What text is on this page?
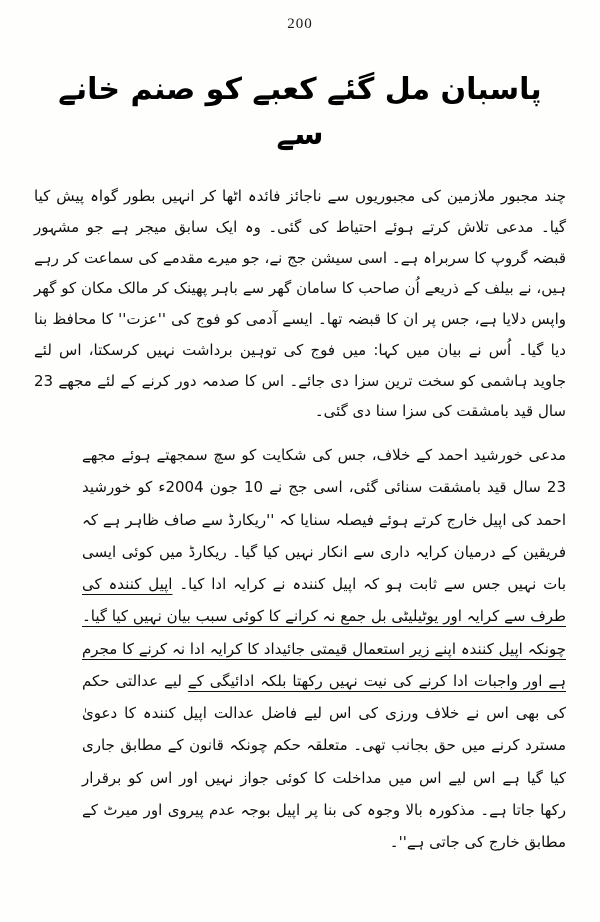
200
پاسبان مل گئے کعبے کو صنم خانے سے

چند مجبور ملازمین کی مجبوریوں سے ناجائز فائدہ اٹھا کر انہیں بطور گواہ پیش کیا گیا۔ مدعی تلاش کرتے ہوئے احتیاط کی گئی۔ وہ ایک سابق میجر ہے جو مشہور قبضہ گروپ کا سربراہ ہے۔ اسی سیشن جج نے، جو میرے مقدمے کی سماعت کر رہے ہیں، نے بیلف کے ذریعے اُن صاحب کا سامان گھر سے باہر پھینک کر مالک مکان کو گھر واپس دلایا ہے، جس پر ان کا قبضہ تھا۔ ایسے آدمی کو فوج کی ''عزت'' کا محافظ بنا دیا گیا۔ اُس نے بیان میں کہا: میں فوج کی توہین برداشت نہیں کرسکتا، اس لئے جاوید ہاشمی کو سخت ترین سزا دی جائے۔ اس کا صدمہ دور کرنے کے لئے مجھے 23 سال قید بامشقت کی سزا سنا دی گئی۔

مدعی خورشید احمد کے خلاف، جس کی شکایت کو سچ سمجھتے ہوئے مجھے 23 سال قید بامشقت سنائی گئی، اسی جج نے 10 جون 2004ء کو خورشید احمد کی اپیل خارج کرتے ہوئے فیصلہ سنایا کہ ''ریکارڈ سے صاف ظاہر ہے کہ فریقین کے درمیان کرایہ داری سے انکار نہیں کیا گیا۔ ریکارڈ میں کوئی ایسی بات نہیں جس سے ثابت ہو کہ اپیل کنندہ نے کرایہ ادا کیا۔ اپیل کنندہ کی طرف سے کرایہ اور یوٹیلیٹی بل جمع نہ کرانے کا کوئی سبب بیان نہیں کیا گیا۔ چونکہ اپیل کنندہ اپنے زیر استعمال قیمتی جائیداد کا کرایہ ادا نہ کرنے کا مجرم ہے اور واجبات ادا کرنے کی نیت نہیں رکھتا بلکہ ادائیگی کے لیے عدالتی حکم کی بھی اس نے خلاف ورزی کی اس لیے فاضل عدالت اپیل کنندہ کا دعویٰ مسترد کرنے میں حق بجانب تھی۔ متعلقہ حکم چونکہ قانون کے مطابق جاری کیا گیا ہے اس لیے اس میں مداخلت کا کوئی جواز نہیں اور اس کو برقرار رکھا جاتا ہے۔ مذکورہ بالا وجوہ کی بنا پر اپیل بوجہ عدم پیروی اور میرٹ کے مطابق خارج کی جاتی ہے''۔
